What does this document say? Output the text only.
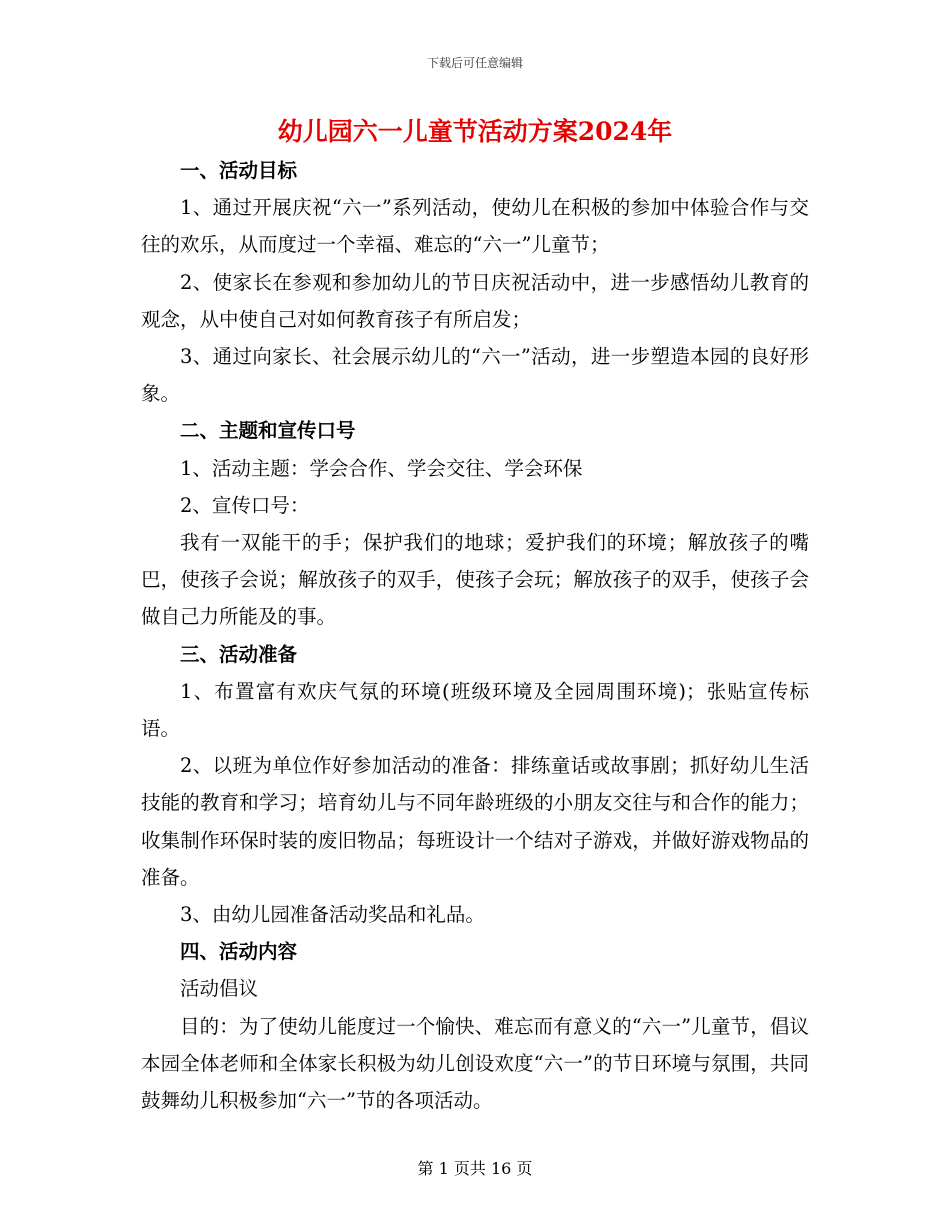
下载后可任意编辑
幼儿园六一儿童节活动方案2024年

一、活动目标

1、通过开展庆祝“六一”系列活动，使幼儿在积极的参加中体验合作与交往的欢乐，从而度过一个幸福、难忘的“六一”儿童节；

2、使家长在参观和参加幼儿的节日庆祝活动中，进一步感悟幼儿教育的观念，从中使自己对如何教育孩子有所启发；

3、通过向家长、社会展示幼儿的“六一”活动，进一步塑造本园的良好形象。

二、主题和宣传口号

1、活动主题：学会合作、学会交往、学会环保

2、宣传口号：

我有一双能干的手；保护我们的地球；爱护我们的环境；解放孩子的嘴巴，使孩子会说；解放孩子的双手，使孩子会玩；解放孩子的双手，使孩子会做自己力所能及的事。

三、活动准备

1、布置富有欢庆气氛的环境(班级环境及全园周围环境)；张贴宣传标语。

2、以班为单位作好参加活动的准备：排练童话或故事剧；抓好幼儿生活技能的教育和学习；培育幼儿与不同年龄班级的小朋友交往与和合作的能力；收集制作环保时装的废旧物品；每班设计一个结对子游戏，并做好游戏物品的准备。

3、由幼儿园准备活动奖品和礼品。

四、活动内容

活动倡议

目的：为了使幼儿能度过一个愉快、难忘而有意义的“六一”儿童节，倡议本园全体老师和全体家长积极为幼儿创设欢度“六一”的节日环境与氛围，共同鼓舞幼儿积极参加“六一”节的各项活动。

第 1 页共 16 页
